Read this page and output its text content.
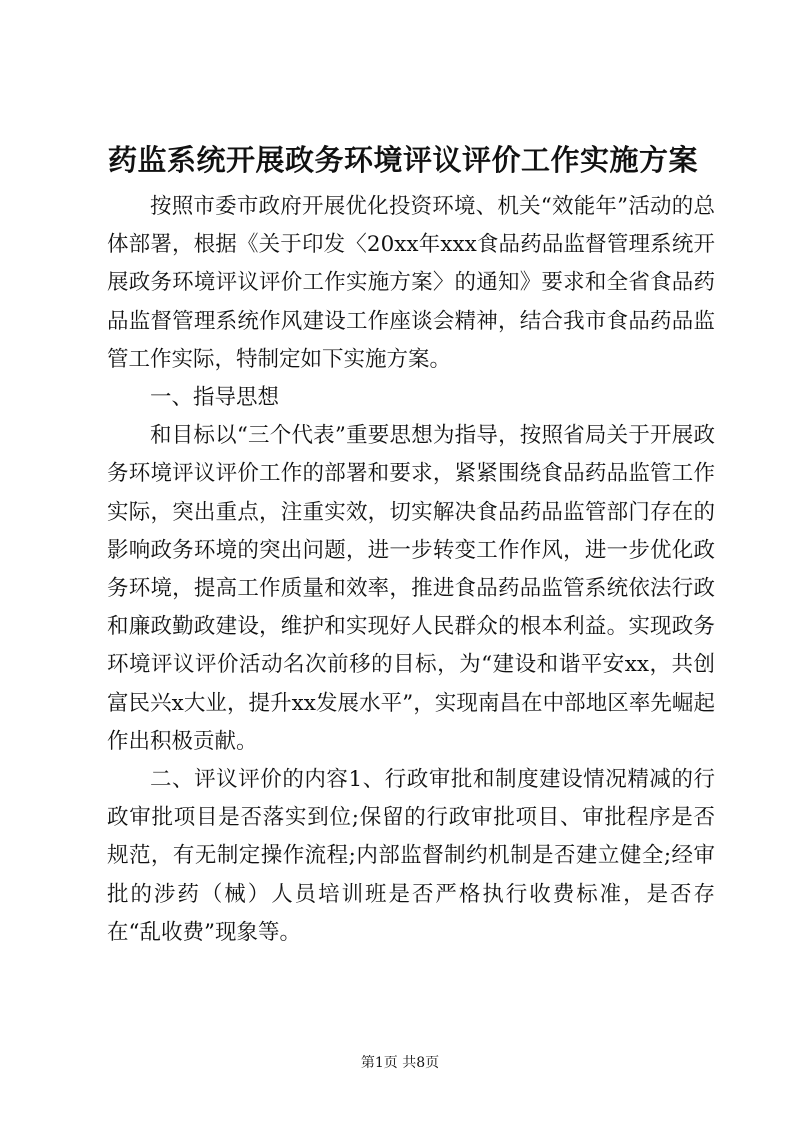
药监系统开展政务环境评议评价工作实施方案

按照市委市政府开展优化投资环境、机关“效能年”活动的总体部署，根据《关于印发〈20xx年xxx食品药品监督管理系统开展政务环境评议评价工作实施方案〉的通知》要求和全省食品药品监督管理系统作风建设工作座谈会精神，结合我市食品药品监管工作实际，特制定如下实施方案。

一、指导思想

和目标以“三个代表”重要思想为指导，按照省局关于开展政务环境评议评价工作的部署和要求，紧紧围绕食品药品监管工作实际，突出重点，注重实效，切实解决食品药品监管部门存在的影响政务环境的突出问题，进一步转变工作作风，进一步优化政务环境，提高工作质量和效率，推进食品药品监管系统依法行政和廉政勤政建设，维护和实现好人民群众的根本利益。实现政务环境评议评价活动名次前移的目标，为“建设和谐平安xx，共创富民兴x大业，提升xx发展水平”，实现南昌在中部地区率先崛起作出积极贡献。

二、评议评价的内容1、行政审批和制度建设情况精减的行政审批项目是否落实到位;保留的行政审批项目、审批程序是否规范，有无制定操作流程;内部监督制约机制是否建立健全;经审批的涉药（械）人员培训班是否严格执行收费标准，是否存在“乱收费”现象等。

第1页 共8页
